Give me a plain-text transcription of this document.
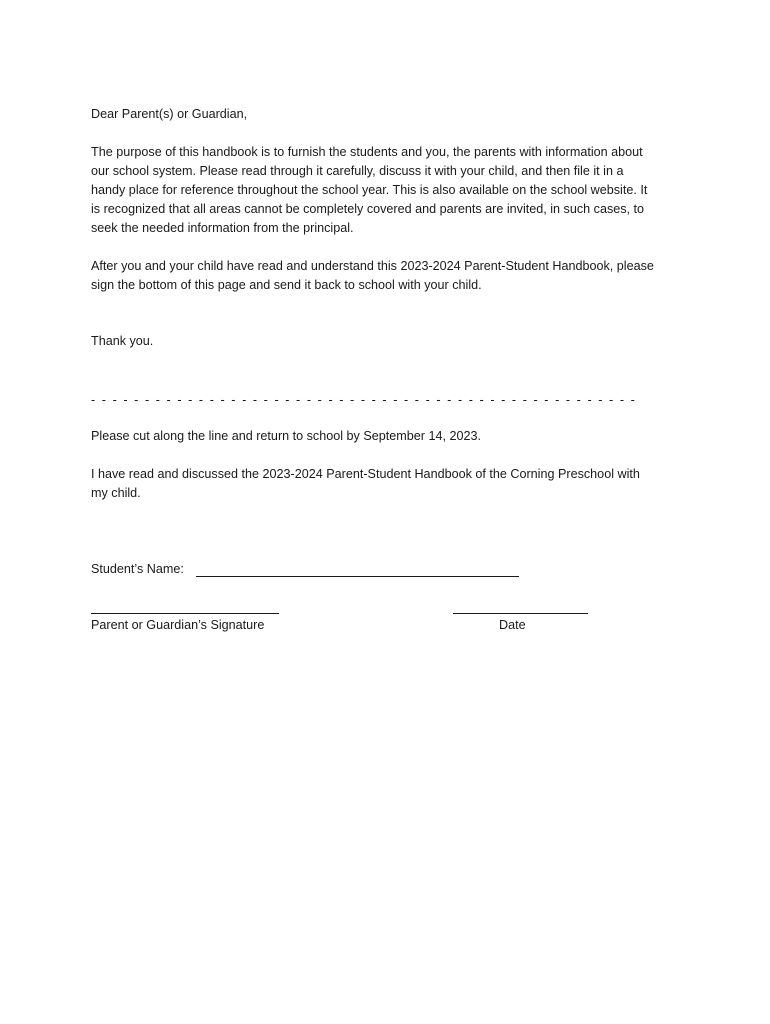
Dear Parent(s) or Guardian,
The purpose of this handbook is to furnish the students and you, the parents with information about
our school system. Please read through it carefully, discuss it with your child, and then file it in a
handy place for reference throughout the school year. This is also available on the school website. It
is recognized that all areas cannot be completely covered and parents are invited, in such cases, to
seek the needed information from the principal.
After you and your child have read and understand this 2023-2024 Parent-Student Handbook, please
sign the bottom of this page and send it back to school with your child.
Thank you.
- - - - - - - - - - - - - - - - - - - - - - - - - - - - - - - - - - - - - - - - - - - - - - - - - - -
Please cut along the line and return to school by September 14, 2023.
I have read and discussed the 2023-2024 Parent-Student Handbook of the Corning Preschool with
my child.
Student’s Name:
Parent or Guardian’s Signature	Date
